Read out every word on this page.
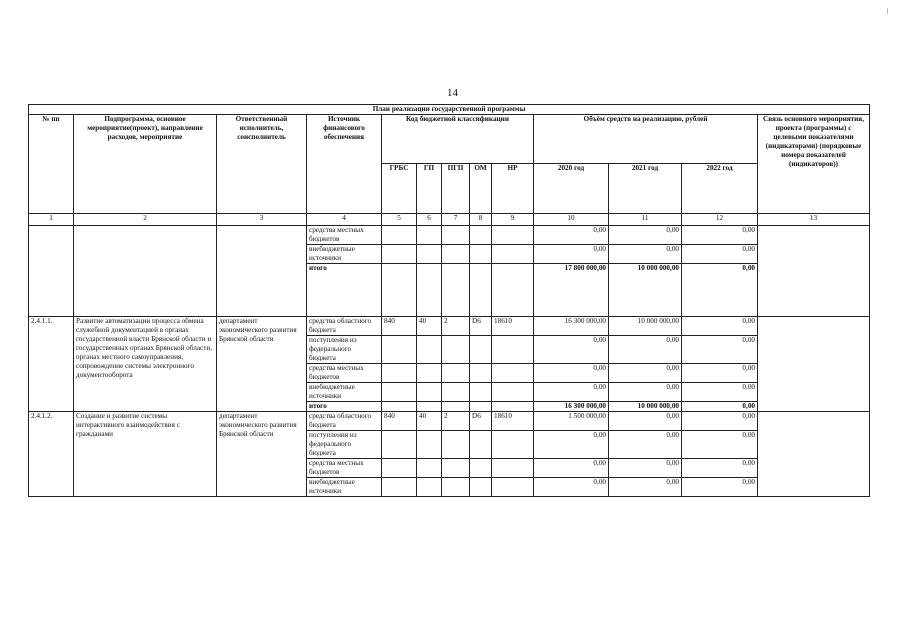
14
План реализации государственной программы												
№ пп	Подпрограмма, основное мероприятие(проект), направление расходов, мероприятие	Ответственный исполнитель, соисполнитель	Источник финансового обеспечения	Код бюджетной классификации					Объём средств на реализацию, рублей			Связь основного мероприятия, проекта (программы) с целевыми показателями (индикаторами) (порядковые номера показателей (индикаторов))
				ГРБС	ГП	ПГП	ОМ	НР	2020 год	2021 год	2022 год	
1	2	3	4	5	6	7	8	9	10	11	12	13
			средства местных бюджетов						0,00	0,00	0,00	
			внебюджетные источники						0,00	0,00	0,00	
			итого						17 800 000,00	10 000 000,00	0,00	
2.4.1.1.	Развитие автоматизации процесса обмена служебной документацией в органах государственной власти Брянской области и государственных органах Брянской области, органах местного самоуправления, сопровождение системы электронного документооборота	департамент экономического развития Брянской области	средства областного бюджета	840	40	2	D6	18610	16 300 000,00	10 000 000,00	0,00	
			поступления из федерального бюджета						0,00	0,00	0,00	
			средства местных бюджетов						0,00	0,00	0,00	
			внебюджетные источники						0,00	0,00	0,00	
			итого						16 300 000,00	10 000 000,00	0,00	
2.4.1.2.	Создание и развитие системы интерактивного взаимодействия с гражданами	департамент экономического развития Брянской области	средства областного бюджета	840	40	2	D6	18610	1 500 000,00	0,00	0,00	
			поступления из федерального бюджета						0,00	0,00	0,00	
			средства местных бюджетов						0,00	0,00	0,00	
			внебюджетные источники						0,00	0,00	0,00	
